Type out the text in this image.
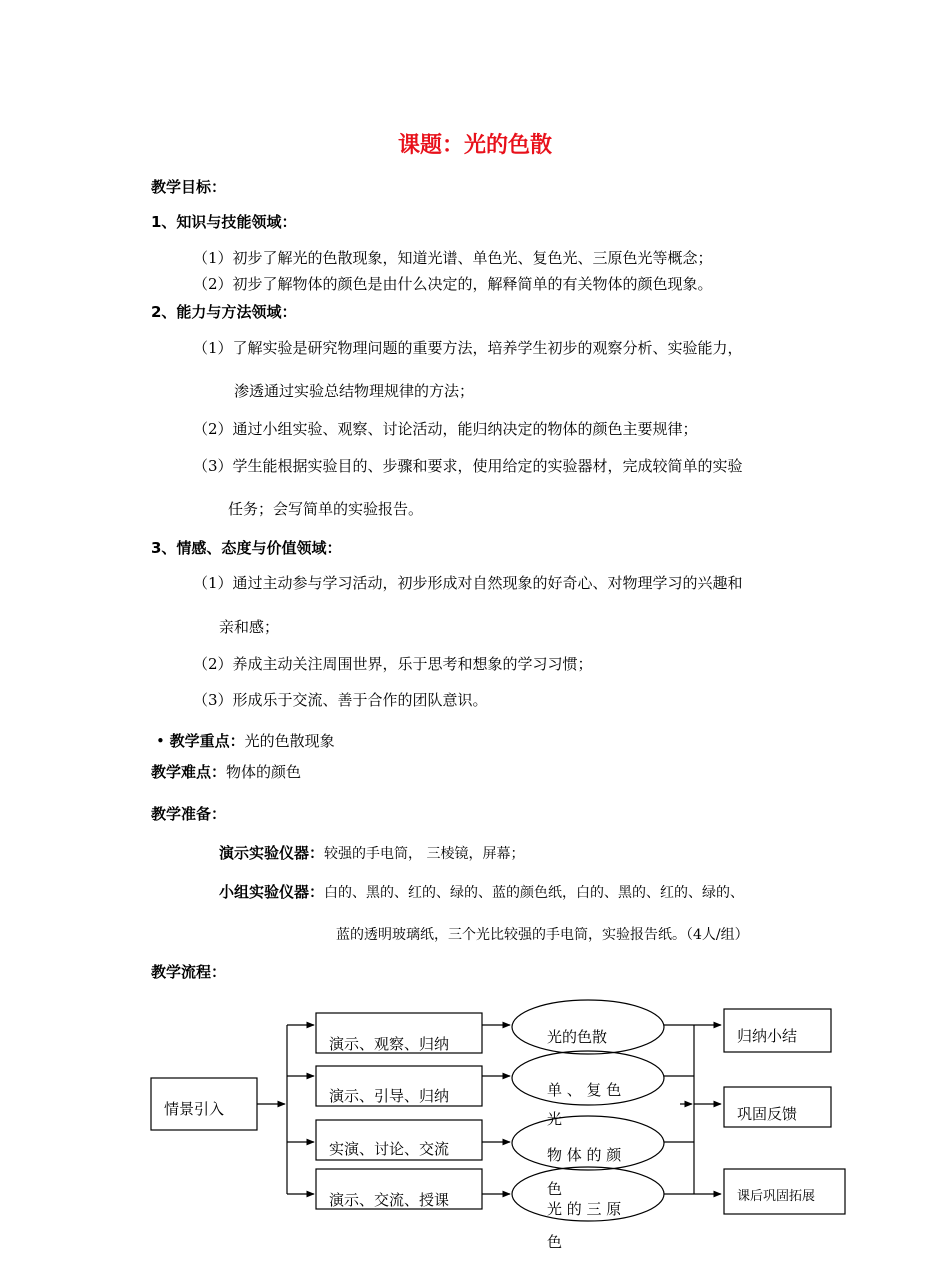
课题：光的色散
教学目标：
1、知识与技能领域：
（1）初步了解光的色散现象，知道光谱、单色光、复色光、三原色光等概念；
（2）初步了解物体的颜色是由什么决定的，解释简单的有关物体的颜色现象。
2、能力与方法领域：
（1）了解实验是研究物理问题的重要方法，培养学生初步的观察分析、实验能力，
渗透通过实验总结物理规律的方法；
（2）通过小组实验、观察、讨论活动，能归纳决定的物体的颜色主要规律；
（3）学生能根据实验目的、步骤和要求，使用给定的实验器材，完成较简单的实验
任务；会写简单的实验报告。
3、情感、态度与价值领域：
（1）通过主动参与学习活动，初步形成对自然现象的好奇心、对物理学习的兴趣和
亲和感；
（2）养成主动关注周围世界，乐于思考和想象的学习习惯；
（3）形成乐于交流、善于合作的团队意识。
• 教学重点：光的色散现象
教学难点：物体的颜色
教学准备：
演示实验仪器：较强的手电筒， 三棱镜，屏幕；
小组实验仪器：白的、黑的、红的、绿的、蓝的颜色纸，白的、黑的、红的、绿的、
蓝的透明玻璃纸，三个光比较强的手电筒，实验报告纸。（4人/组）
教学流程：
情景引入
演示、观察、归纳
演示、引导、归纳
实演、讨论、交流
演示、交流、授课
光的色散
单 、 复 色
光
物 体 的 颜
色
光 的 三 原
色
归纳小结
巩固反馈
课后巩固拓展
